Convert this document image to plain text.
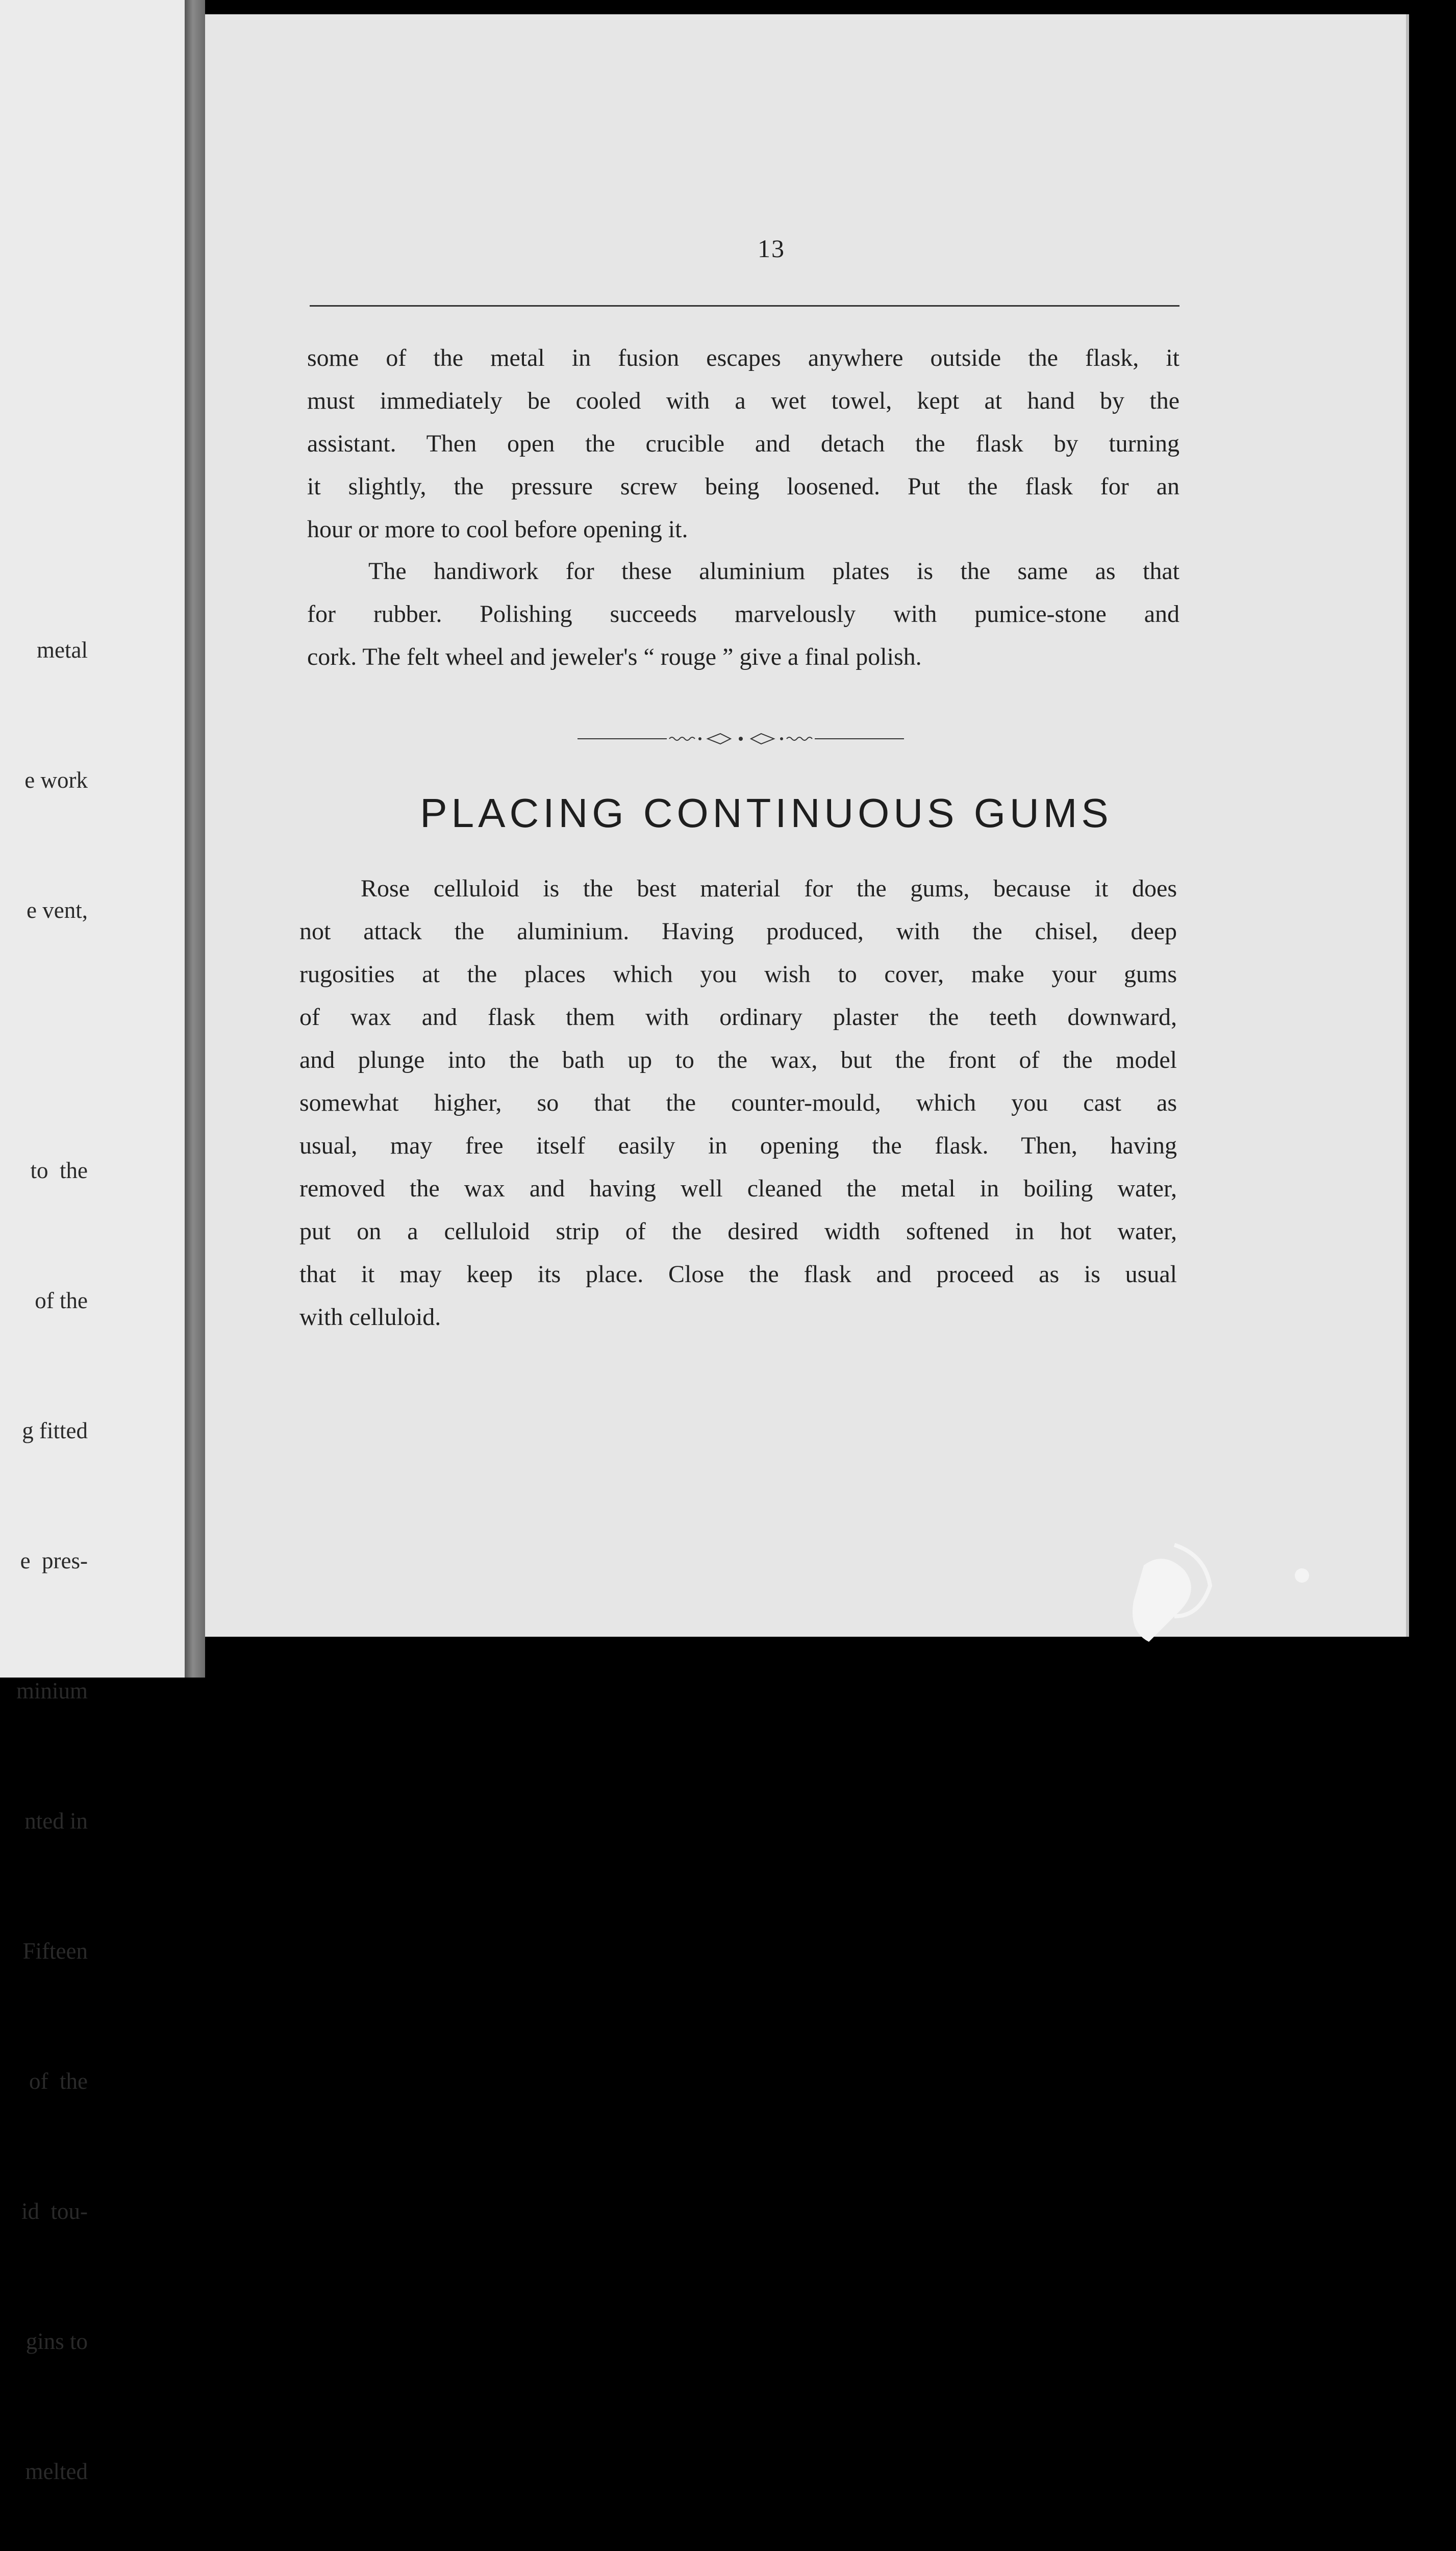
metal

e work

e vent,

to  the

of the

g fitted

e  pres-

minium

nted in

Fifteen

of  the

id  tou-

gins to

melted

13
some of the metal in fusion escapes anywhere outside the flask, it
must immediately be cooled with a wet towel, kept at hand by the
assistant. Then open the crucible and detach the flask by turning
it slightly, the pressure screw being loosened. Put the flask for an
hour or more to cool before opening it.
The handiwork for these aluminium plates is the same as that
for rubber. Polishing succeeds marvelously with pumice-stone and
cork. The felt wheel and jeweler's “ rouge ” give a final polish.
PLACING CONTINUOUS GUMS
Rose celluloid is the best material for the gums, because it does
not attack the aluminium. Having produced, with the chisel, deep
rugosities at the places which you wish to cover, make your gums
of wax and flask them with ordinary plaster the teeth downward,
and plunge into the bath up to the wax, but the front of the model
somewhat higher, so that the counter-mould, which you cast as
usual, may free itself easily in opening the flask. Then, having
removed the wax and having well cleaned the metal in boiling water,
put on a celluloid strip of the desired width softened in hot water,
that it may keep its place. Close the flask and proceed as is usual
with celluloid.
